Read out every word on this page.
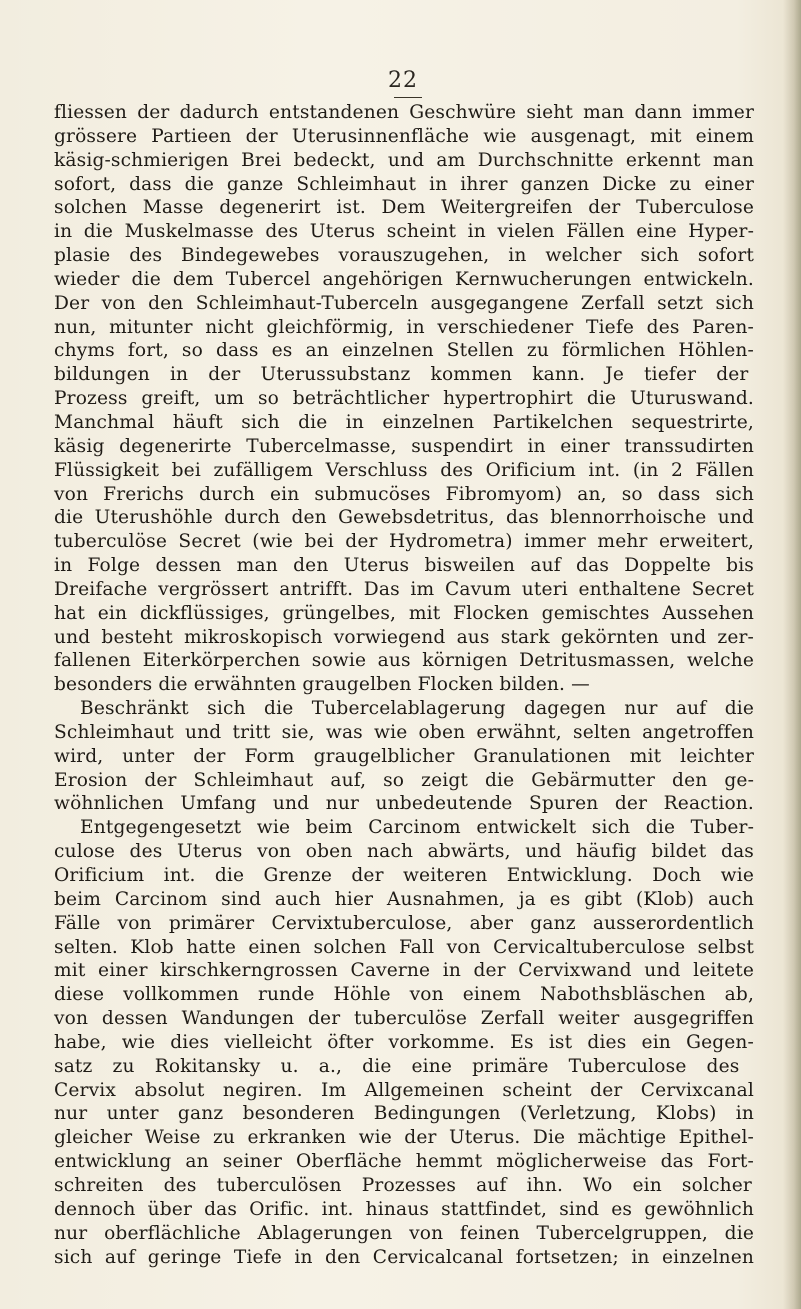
22
fliessen der dadurch entstandenen Geschwüre sieht man dann immer
grössere Partieen der Uterusinnenfläche wie ausgenagt, mit einem
käsig-schmierigen Brei bedeckt, und am Durchschnitte erkennt man
sofort, dass die ganze Schleimhaut in ihrer ganzen Dicke zu einer
solchen Masse degenerirt ist. Dem Weitergreifen der Tuberculose
in die Muskelmasse des Uterus scheint in vielen Fällen eine Hyper-
plasie des Bindegewebes vorauszugehen, in welcher sich sofort
wieder die dem Tubercel angehörigen Kernwucherungen entwickeln.
Der von den Schleimhaut-Tuberceln ausgegangene Zerfall setzt sich
nun, mitunter nicht gleichförmig, in verschiedener Tiefe des Paren-
chyms fort, so dass es an einzelnen Stellen zu förmlichen Höhlen-
bildungen in der Uterussubstanz kommen kann. Je tiefer der
Prozess greift, um so beträchtlicher hypertrophirt die Uturuswand.
Manchmal häuft sich die in einzelnen Partikelchen sequestrirte,
käsig degenerirte Tubercelmasse, suspendirt in einer transsudirten
Flüssigkeit bei zufälligem Verschluss des Orificium int. (in 2 Fällen
von Frerichs durch ein submucöses Fibromyom) an, so dass sich
die Uterushöhle durch den Gewebsdetritus, das blennorrhoische und
tuberculöse Secret (wie bei der Hydrometra) immer mehr erweitert,
in Folge dessen man den Uterus bisweilen auf das Doppelte bis
Dreifache vergrössert antrifft. Das im Cavum uteri enthaltene Secret
hat ein dickflüssiges, grüngelbes, mit Flocken gemischtes Aussehen
und besteht mikroskopisch vorwiegend aus stark gekörnten und zer-
fallenen Eiterkörperchen sowie aus körnigen Detritusmassen, welche
besonders die erwähnten graugelben Flocken bilden. —
Beschränkt sich die Tubercelablagerung dagegen nur auf die
Schleimhaut und tritt sie, was wie oben erwähnt, selten angetroffen
wird, unter der Form graugelblicher Granulationen mit leichter
Erosion der Schleimhaut auf, so zeigt die Gebärmutter den ge-
wöhnlichen Umfang und nur unbedeutende Spuren der Reaction.
Entgegengesetzt wie beim Carcinom entwickelt sich die Tuber-
culose des Uterus von oben nach abwärts, und häufig bildet das
Orificium int. die Grenze der weiteren Entwicklung. Doch wie
beim Carcinom sind auch hier Ausnahmen, ja es gibt (Klob) auch
Fälle von primärer Cervixtuberculose, aber ganz ausserordentlich
selten. Klob hatte einen solchen Fall von Cervicaltuberculose selbst
mit einer kirschkerngrossen Caverne in der Cervixwand und leitete
diese vollkommen runde Höhle von einem Nabothsbläschen ab,
von dessen Wandungen der tuberculöse Zerfall weiter ausgegriffen
habe, wie dies vielleicht öfter vorkomme. Es ist dies ein Gegen-
satz zu Rokitansky u. a., die eine primäre Tuberculose des
Cervix absolut negiren. Im Allgemeinen scheint der Cervixcanal
nur unter ganz besonderen Bedingungen (Verletzung, Klobs) in
gleicher Weise zu erkranken wie der Uterus. Die mächtige Epithel-
entwicklung an seiner Oberfläche hemmt möglicherweise das Fort-
schreiten des tuberculösen Prozesses auf ihn. Wo ein solcher
dennoch über das Orific. int. hinaus stattfindet, sind es gewöhnlich
nur oberflächliche Ablagerungen von feinen Tubercelgruppen, die
sich auf geringe Tiefe in den Cervicalcanal fortsetzen; in einzelnen
